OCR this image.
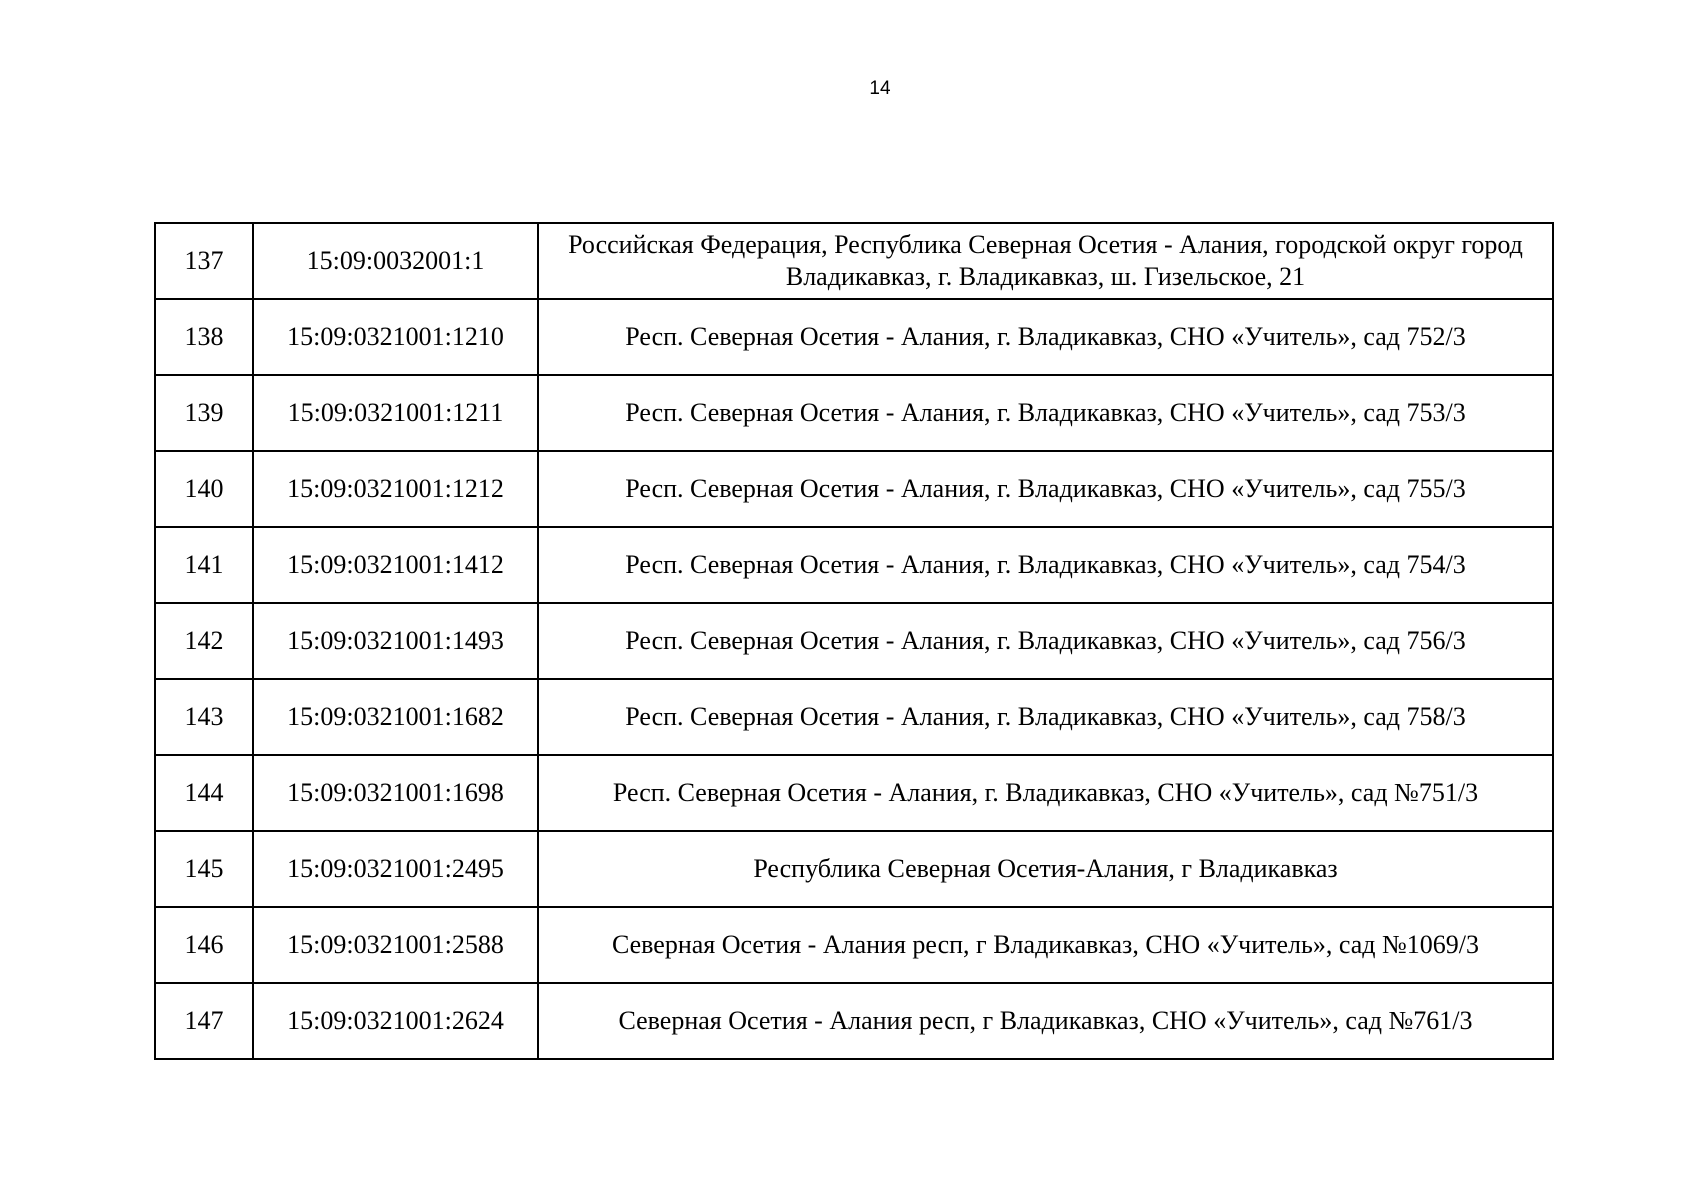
14
137	15:09:0032001:1	Российская Федерация, Республика Северная Осетия - Алания, городской округ город Владикавказ, г. Владикавказ, ш. Гизельское, 21
138	15:09:0321001:1210	Респ. Северная Осетия - Алания, г. Владикавказ, СНО «Учитель», сад 752/3
139	15:09:0321001:1211	Респ. Северная Осетия - Алания, г. Владикавказ, СНО «Учитель», сад 753/3
140	15:09:0321001:1212	Респ. Северная Осетия - Алания, г. Владикавказ, СНО «Учитель», сад 755/3
141	15:09:0321001:1412	Респ. Северная Осетия - Алания, г. Владикавказ, СНО «Учитель», сад 754/3
142	15:09:0321001:1493	Респ. Северная Осетия - Алания, г. Владикавказ, СНО «Учитель», сад 756/3
143	15:09:0321001:1682	Респ. Северная Осетия - Алания, г. Владикавказ, СНО «Учитель», сад 758/3
144	15:09:0321001:1698	Респ. Северная Осетия - Алания, г. Владикавказ, СНО «Учитель», сад №751/3
145	15:09:0321001:2495	Республика Северная Осетия-Алания, г Владикавказ
146	15:09:0321001:2588	Северная Осетия - Алания респ, г Владикавказ, СНО «Учитель», сад №1069/3
147	15:09:0321001:2624	Северная Осетия - Алания респ, г Владикавказ, СНО «Учитель», сад №761/3
